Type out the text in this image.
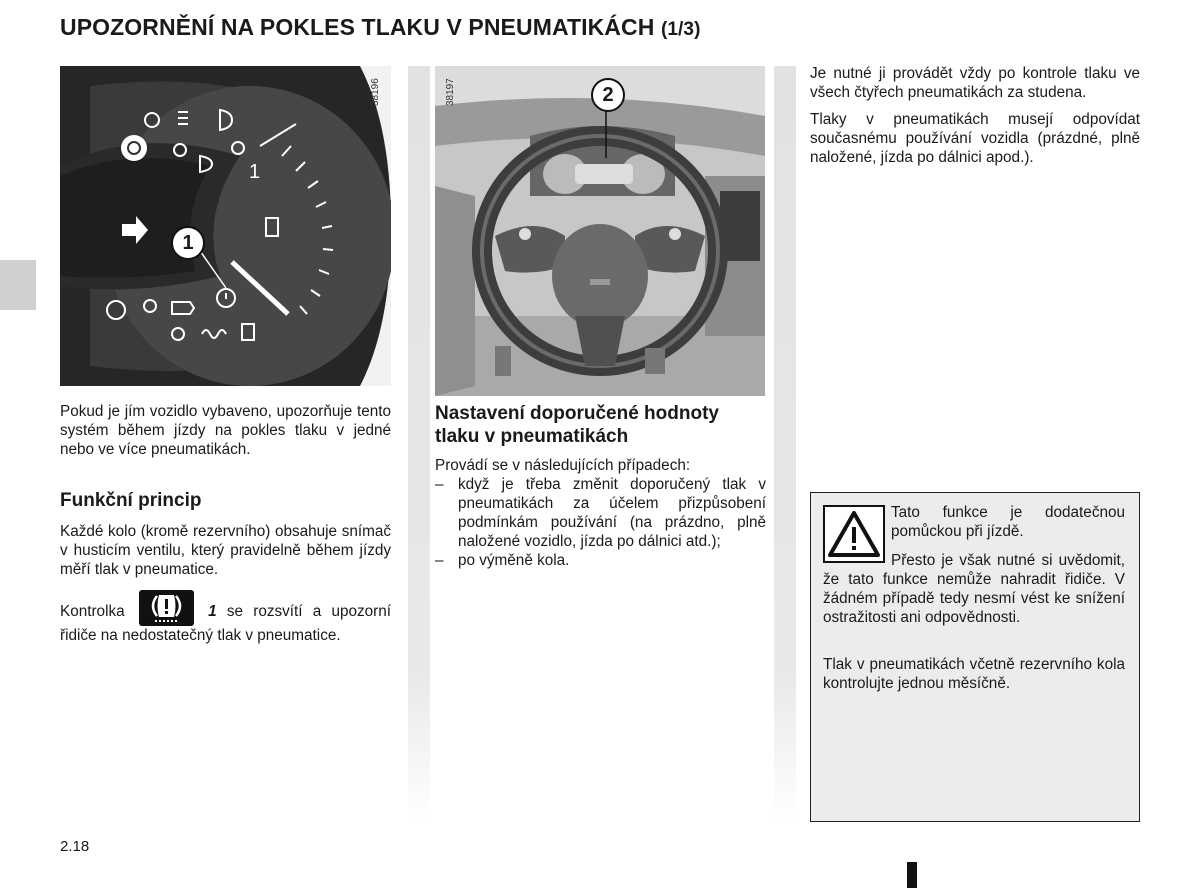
UPOZORNĚNÍ NA POKLES TLAKU V PNEUMATIKÁCH (1/3)
1
1
38196	2
38197

Pokud je jím vozidlo vybaveno, upozorňuje tento systém během jízdy na pokles tlaku v jedné nebo ve více pneumatikách.

Funkční princip

Každé kolo (kromě rezervního) obsahuje snímač v husticím ventilu, který pravidelně během jízdy měří tlak v pneumatice.

Kontrolka	1 se rozsvítí a upozorní řidiče na nedostatečný tlak v pneumatice.
Nastavení doporučené hodnoty tlaku v pneumatikách
Provádí se v následujících případech:
– když je třeba změnit doporučený tlak v pneumatikách za účelem přizpůsobení podmínkám používání (na prázdno, plně naložené vozidlo, jízda po dálnici atd.);
– po výměně kola.

Je nutné ji provádět vždy po kontrole tlaku ve všech čtyřech pneumatikách za studena.

Tlaky v pneumatikách musejí odpovídat současnému používání vozidla (prázdné, plně naložené, jízda po dálnici apod.).

Tato funkce je dodatečnou pomůckou při jízdě.

Přesto je však nutné si uvědomit, že tato funkce nemůže nahradit řidiče. V žádném případě tedy nesmí vést ke snížení ostražitosti ani odpovědnosti.

Tlak v pneumatikách včetně rezervního kola kontrolujte jednou měsíčně.

2.18
